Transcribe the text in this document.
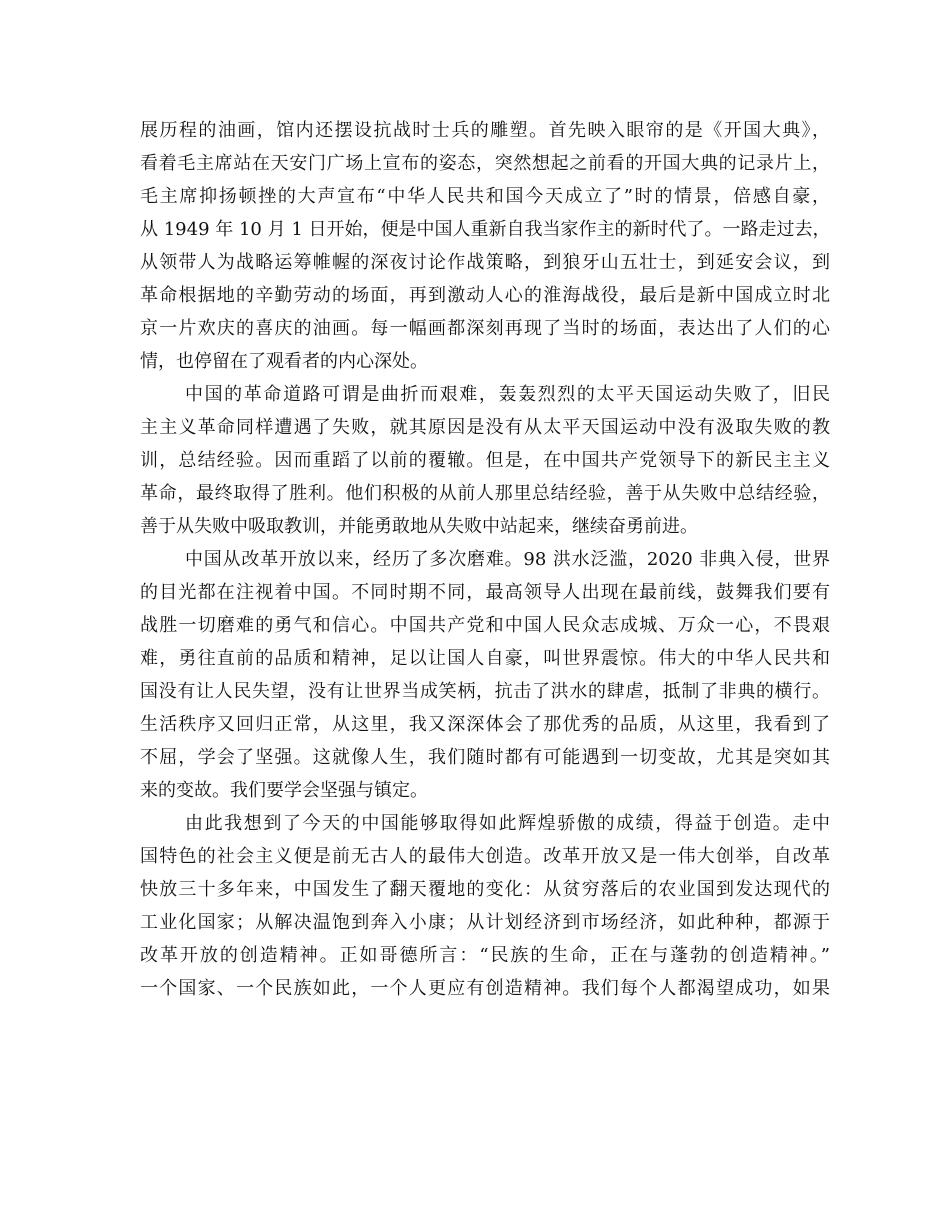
展历程的油画，馆内还摆设抗战时士兵的雕塑。首先映入眼帘的是《开国大典》，
看着毛主席站在天安门广场上宣布的姿态，突然想起之前看的开国大典的记录片上，
毛主席抑扬顿挫的大声宣布“中华人民共和国今天成立了”时的情景，倍感自豪，
从 1949 年 10 月 1 日开始，便是中国人重新自我当家作主的新时代了。一路走过去，
从领带人为战略运筹帷幄的深夜讨论作战策略，到狼牙山五壮士，到延安会议，到
革命根据地的辛勤劳动的场面，再到激动人心的淮海战役，最后是新中国成立时北
京一片欢庆的喜庆的油画。每一幅画都深刻再现了当时的场面，表达出了人们的心
情，也停留在了观看者的内心深处。
中国的革命道路可谓是曲折而艰难，轰轰烈烈的太平天国运动失败了，旧民
主主义革命同样遭遇了失败，就其原因是没有从太平天国运动中没有汲取失败的教
训，总结经验。因而重蹈了以前的覆辙。但是，在中国共产党领导下的新民主主义
革命，最终取得了胜利。他们积极的从前人那里总结经验，善于从失败中总结经验，
善于从失败中吸取教训，并能勇敢地从失败中站起来，继续奋勇前进。
中国从改革开放以来，经历了多次磨难。98 洪水泛滥，2020 非典入侵，世界
的目光都在注视着中国。不同时期不同，最高领导人出现在最前线，鼓舞我们要有
战胜一切磨难的勇气和信心。中国共产党和中国人民众志成城、万众一心，不畏艰
难，勇往直前的品质和精神，足以让国人自豪，叫世界震惊。伟大的中华人民共和
国没有让人民失望，没有让世界当成笑柄，抗击了洪水的肆虐，抵制了非典的横行。
生活秩序又回归正常，从这里，我又深深体会了那优秀的品质，从这里，我看到了
不屈，学会了坚强。这就像人生，我们随时都有可能遇到一切变故，尤其是突如其
来的变故。我们要学会坚强与镇定。
由此我想到了今天的中国能够取得如此辉煌骄傲的成绩，得益于创造。走中
国特色的社会主义便是前无古人的最伟大创造。改革开放又是一伟大创举，自改革
快放三十多年来，中国发生了翻天覆地的变化：从贫穷落后的农业国到发达现代的
工业化国家；从解决温饱到奔入小康；从计划经济到市场经济，如此种种，都源于
改革开放的创造精神。正如哥德所言：“民族的生命，正在与蓬勃的创造精神。”
一个国家、一个民族如此，一个人更应有创造精神。我们每个人都渴望成功，如果
